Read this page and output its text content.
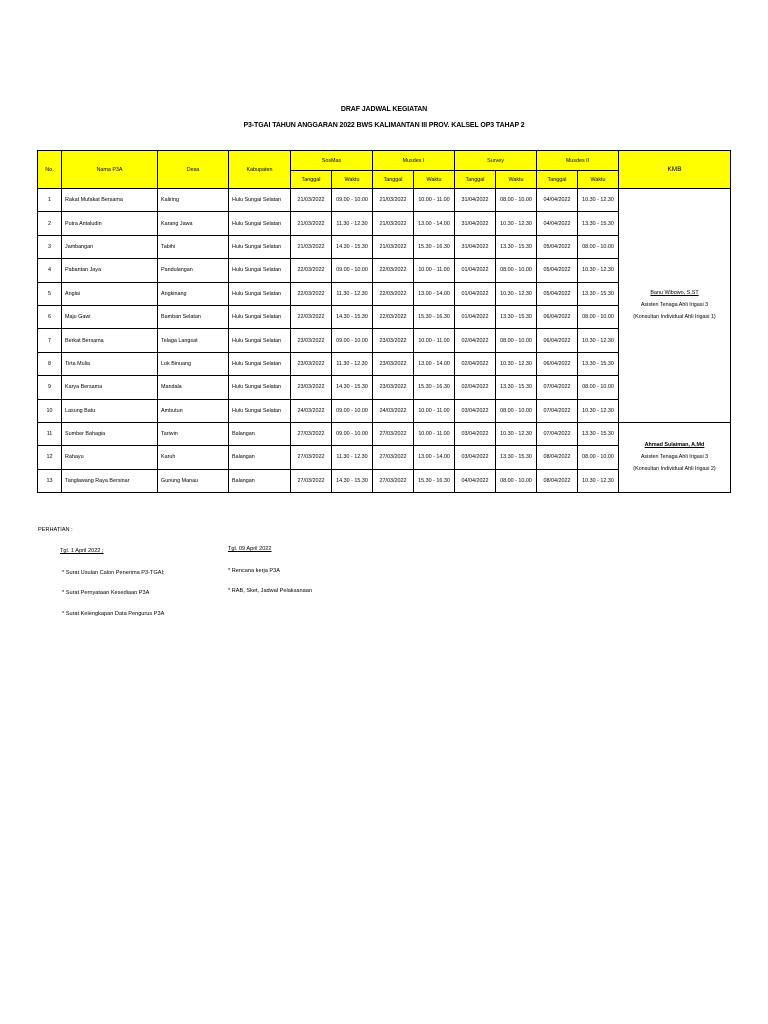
DRAF JADWAL KEGIATAN
P3-TGAI TAHUN ANGGARAN 2022 BWS KALIMANTAN III PROV. KALSEL OP3 TAHAP 2
No.	Nama P3A	Desa	Kabupaten	SosMas		Musdes I		Survey		Musdes II		KMB
				Tanggal	Waktu	Tanggal	Waktu	Tanggal	Waktu	Tanggal	Waktu	
1	Rakat Mufakat Bersama	Kaliring	Hulu Sungai Selatan	21/03/2022	09.00 - 10.00	21/03/2022	10.00 - 11.00	31/04/2022	08.00 - 10.00	04/04/2022	10.30 - 12.30	Banu Wibowo, S.ST
Asisten Tenaga Ahli Irigasi 3
(Konsultan Individual Ahli Irigasi 1)

2	Putra Antaludin	Karang Jawa	Hulu Sungai Selatan	21/03/2022	11.30 - 12.30	21/03/2022	13.00 - 14.00	31/04/2022	10.30 - 12.30	04/04/2022	13.30 - 15.30	
3	Jambangan	Tabihi	Hulu Sungai Selatan	21/03/2022	14.30 - 15.30	21/03/2022	15.30 - 16.30	31/04/2022	13.30 - 15.30	05/04/2022	08.00 - 10.00	
4	Pabantan Jaya	Pandulangan	Hulu Sungai Selatan	22/03/2022	09.00 - 10.00	22/03/2022	10.00 - 11.00	01/04/2022	08.00 - 10.00	05/04/2022	10.30 - 12.30	
5	Anglai	Angkinang	Hulu Sungai Selatan	22/03/2022	11.30 - 12.30	22/03/2022	13.00 - 14.00	01/04/2022	10.30 - 12.30	05/04/2022	13.30 - 15.30	
6	Maju Gawi	Bamban Selatan	Hulu Sungai Selatan	22/03/2022	14.30 - 15.30	22/03/2022	15.30 - 16.30	01/04/2022	13.30 - 15.30	06/04/2022	08.00 - 10.00	
7	Berkat Bersama	Telaga Langsat	Hulu Sungai Selatan	23/03/2022	09.00 - 10.00	23/03/2022	10.00 - 11.00	02/04/2022	08.00 - 10.00	06/04/2022	10.30 - 12.30	
8	Tirta Mulia	Lok Binuang	Hulu Sungai Selatan	23/03/2022	11.30 - 12.30	23/03/2022	13.00 - 14.00	02/04/2022	10.30 - 12.30	06/04/2022	13.30 - 15.30	
9	Karya Bersama	Mandala	Hulu Sungai Selatan	23/03/2022	14.30 - 15.30	23/03/2022	15.30 - 16.30	02/04/2022	13.30 - 15.30	07/04/2022	08.00 - 10.00	
10	Lasung Batu	Ambutun	Hulu Sungai Selatan	24/03/2022	09.00 - 10.00	24/03/2022	10.00 - 11.00	03/04/2022	08.00 - 10.00	07/04/2022	10.30 - 12.30	
11	Sumber Bahagia	Tariwin	Balangan	27/03/2022	09.00 - 10.00	27/03/2022	10.00 - 11.00	03/04/2022	10.30 - 12.30	07/04/2022	13.30 - 15.30	Ahmad Sulaiman, A.Md
Asisten Tenaga Ahli Irigasi 3
(Konsultan Individual Ahli Irigasi 2)

12	Rahayu	Karuh	Balangan	27/03/2022	11.30 - 12.30	27/03/2022	13.00 - 14.00	03/04/2022	13.30 - 15.30	08/04/2022	08.00 - 10.00	
13	Tanglawang Raya Bersinar	Gunung Manau	Balangan	27/03/2022	14.30 - 15.30	27/03/2022	15.30 - 16.30	04/04/2022	08.00 - 10.00	08/04/2022	10.30 - 12.30	
PERHATIAN :
Tgl. 1 April 2022 ;
* Surat Usulan Calon Penerima P3-TGAI;
* Surat Pernyataan Kesediaan P3A
* Surat Kelengkapan Data Pengurus P3A
Tgl. 09 April 2022
* Rencana kerja P3A
* RAB, Sket, Jadwal Pelaksanaan
